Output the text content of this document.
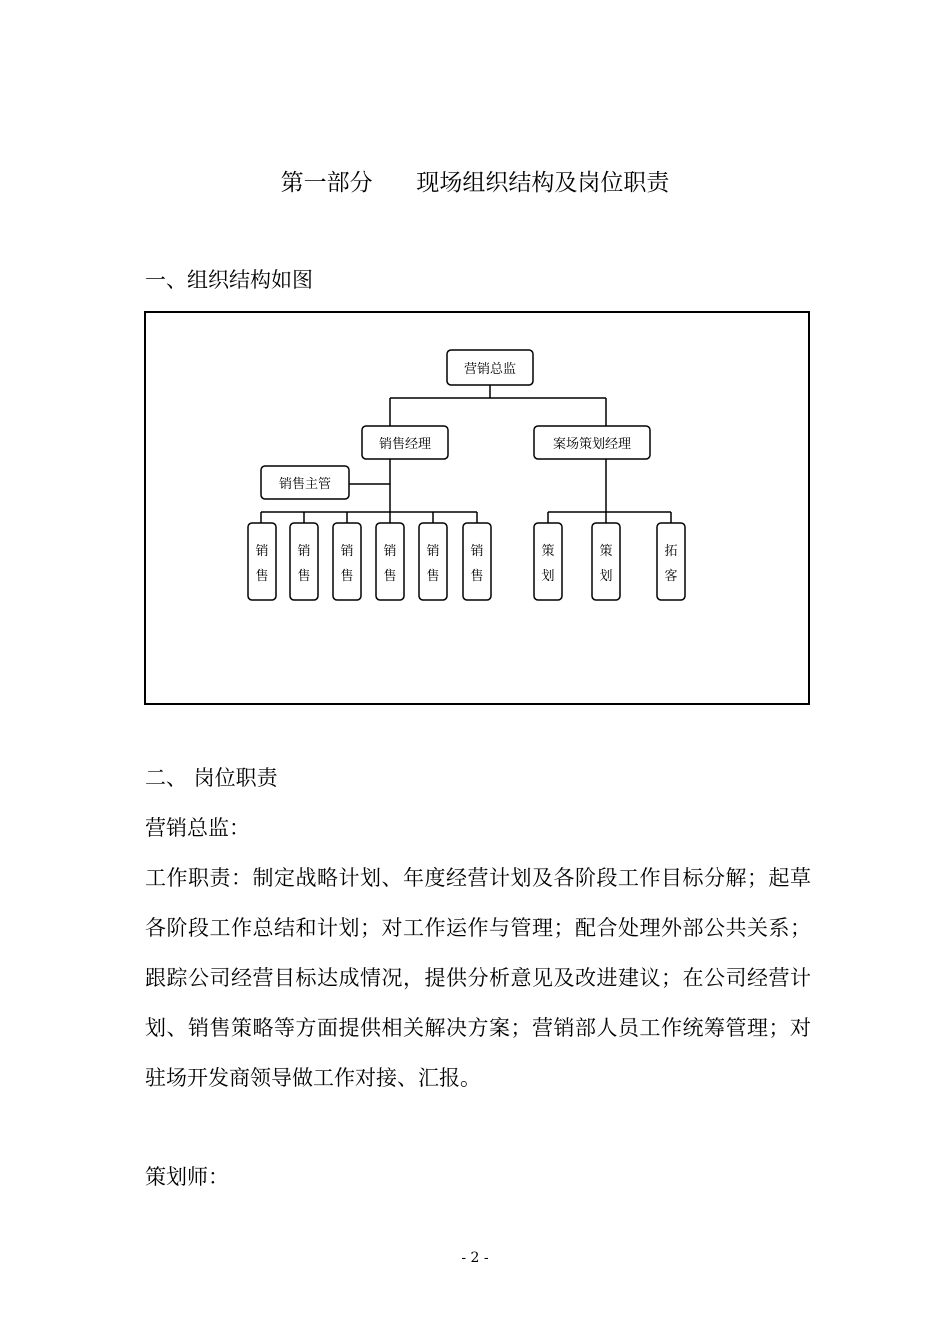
第一部分      现场组织结构及岗位职责
一、组织结构如图
营销总监
销售经理	案场策划经理
销售主管
销
售
销
售
销
售
销
售
销
售
销
售
策
划
策
划
拓
客
二、 岗位职责
营销总监：
工作职责：制定战略计划、年度经营计划及各阶段工作目标分解；起草各阶段工作总结和计划；对工作运作与管理；配合处理外部公共关系；跟踪公司经营目标达成情况，提供分析意见及改进建议；在公司经营计划、销售策略等方面提供相关解决方案；营销部人员工作统筹管理；对驻场开发商领导做工作对接、汇报。
策划师：
- 2 -
